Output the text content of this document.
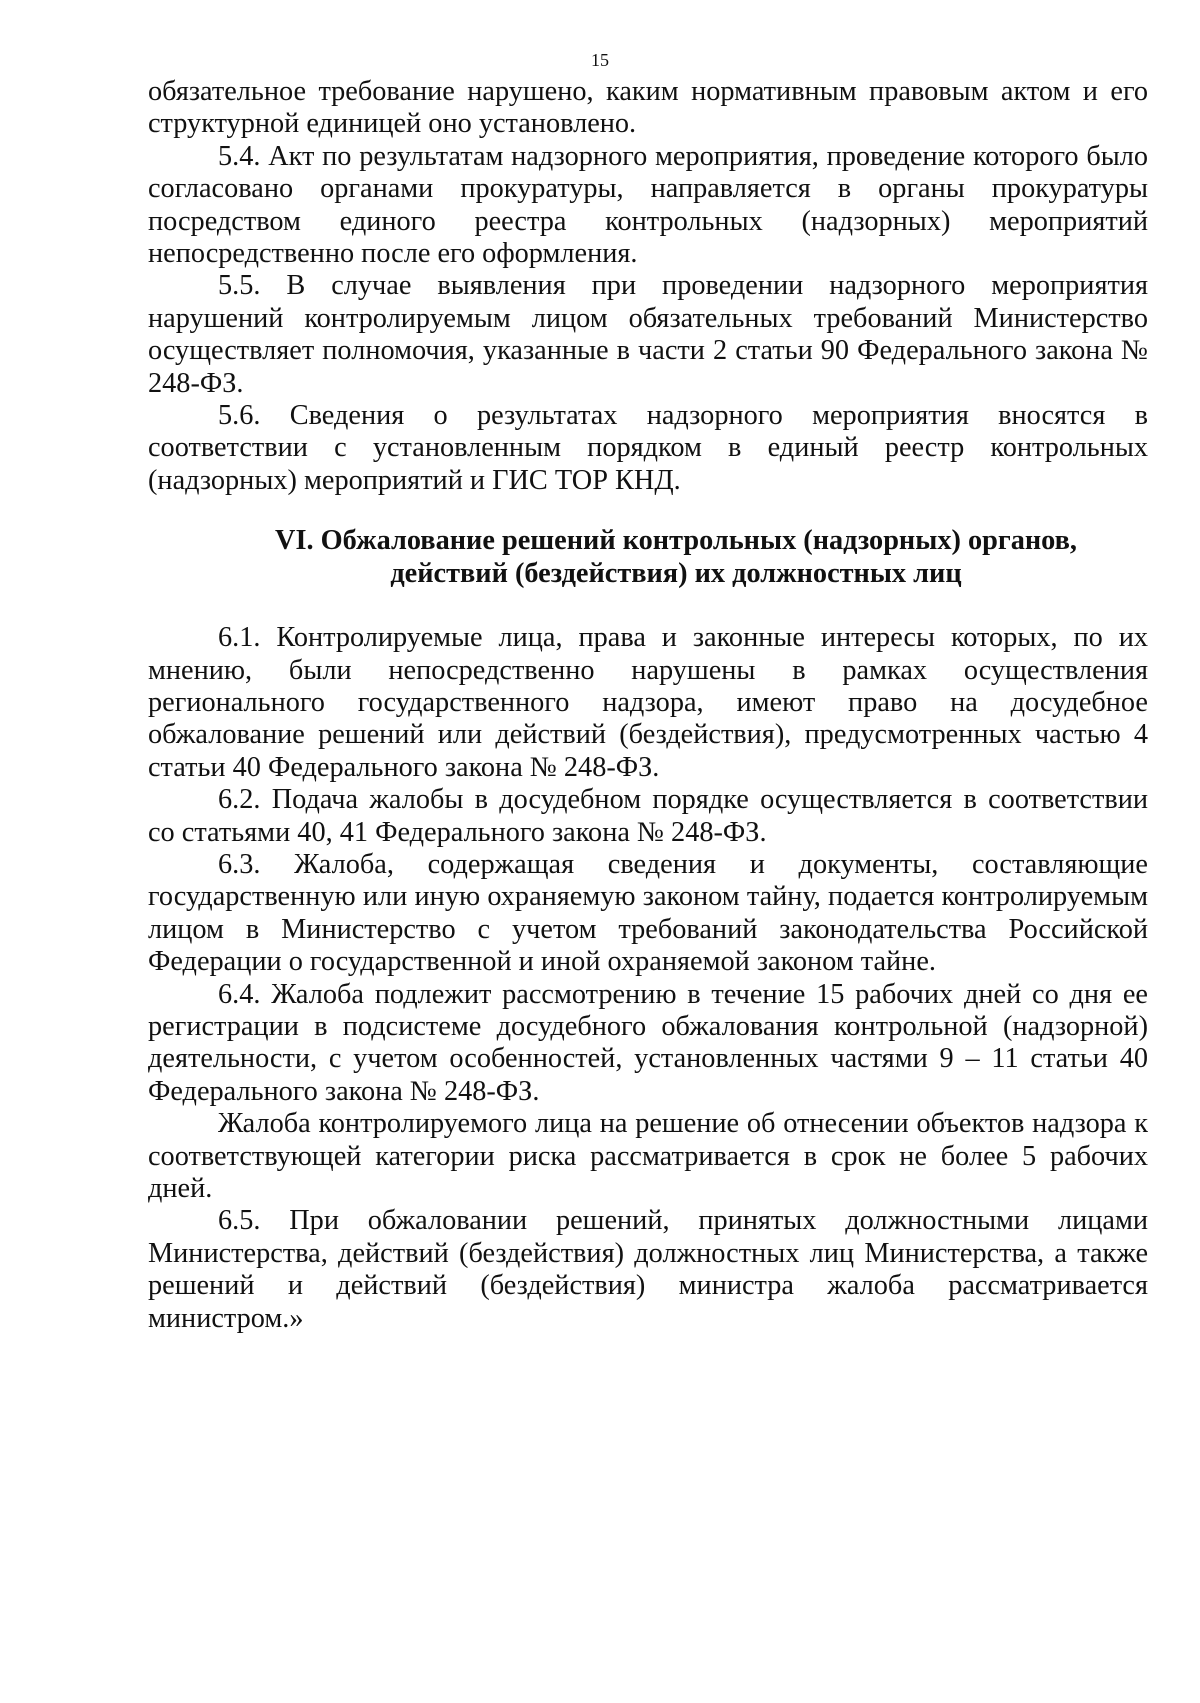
15

обязательное требование нарушено, каким нормативным правовым актом и его структурной единицей оно установлено.

5.4. Акт по результатам надзорного мероприятия, проведение которого было согласовано органами прокуратуры, направляется в органы прокуратуры посредством единого реестра контрольных (надзорных) мероприятий непосредственно после его оформления.

5.5. В случае выявления при проведении надзорного мероприятия нарушений контролируемым лицом обязательных требований Министерство осуществляет полномочия, указанные в части 2 статьи 90 Федерального закона № 248-ФЗ.

5.6. Сведения о результатах надзорного мероприятия вносятся в соответствии с установленным порядком в единый реестр контрольных (надзорных) мероприятий и ГИС ТОР КНД.

VI. Обжалование решений контрольных (надзорных) органов,
действий (бездействия) их должностных лиц

6.1. Контролируемые лица, права и законные интересы которых, по их мнению, были непосредственно нарушены в рамках осуществления регионального государственного надзора, имеют право на досудебное обжалование решений или действий (бездействия), предусмотренных частью 4 статьи 40 Федерального закона № 248-ФЗ.

6.2. Подача жалобы в досудебном порядке осуществляется в соответствии со статьями 40, 41 Федерального закона № 248-ФЗ.

6.3. Жалоба, содержащая сведения и документы, составляющие государственную или иную охраняемую законом тайну, подается контролируемым лицом в Министерство с учетом требований законодательства Российской Федерации о государственной и иной охраняемой законом тайне.

6.4. Жалоба подлежит рассмотрению в течение 15 рабочих дней со дня ее регистрации в подсистеме досудебного обжалования контрольной (надзорной) деятельности, с учетом особенностей, установленных частями 9 – 11 статьи 40 Федерального закона № 248-ФЗ.

Жалоба контролируемого лица на решение об отнесении объектов надзора к соответствующей категории риска рассматривается в срок не более 5 рабочих дней.

6.5. При обжаловании решений, принятых должностными лицами Министерства, действий (бездействия) должностных лиц Министерства, а также решений и действий (бездействия) министра жалоба рассматривается министром.»
